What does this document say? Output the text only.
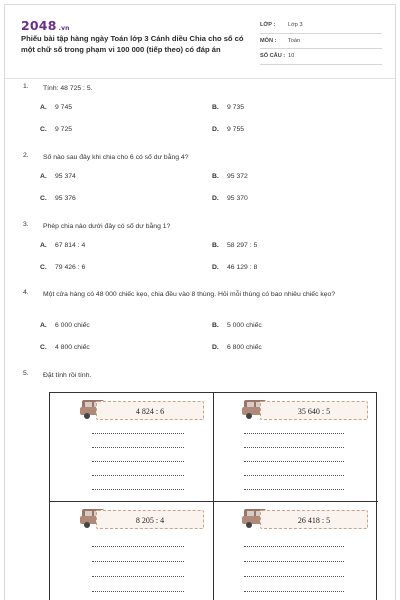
2048 .vn
Phiếu bài tập hàng ngày Toán lớp 3 Cánh diều Chia cho số có một chữ số trong phạm vi 100 000 (tiếp theo) có đáp án
LỚP : Lớp 3
MÔN : Toán
SỐ CÂU : 10
1. Tính: 48 725 : 5.
A. 9 745	B. 9 735
C. 9 725	D. 9 755
2. Số nào sau đây khi chia cho 6 có số dư bằng 4?
A. 95 374	B. 95 372
C. 95 376	D. 95 370
3. Phép chia nào dưới đây có số dư bằng 1?
A. 67 814 : 4	B. 58 297 : 5
C. 79 426 : 6	D. 46 129 : 8
4. Một cửa hàng có 48 000 chiếc kẹo, chia đều vào 8 thùng. Hỏi mỗi thùng có bao nhiêu chiếc kẹo?
A. 6 000 chiếc	B. 5 000 chiếc
C. 4 800 chiếc	D. 6 800 chiếc
5. Đặt tính rồi tính.
4 824 : 6	35 640 : 5
8 205 : 4	26 418 : 5
